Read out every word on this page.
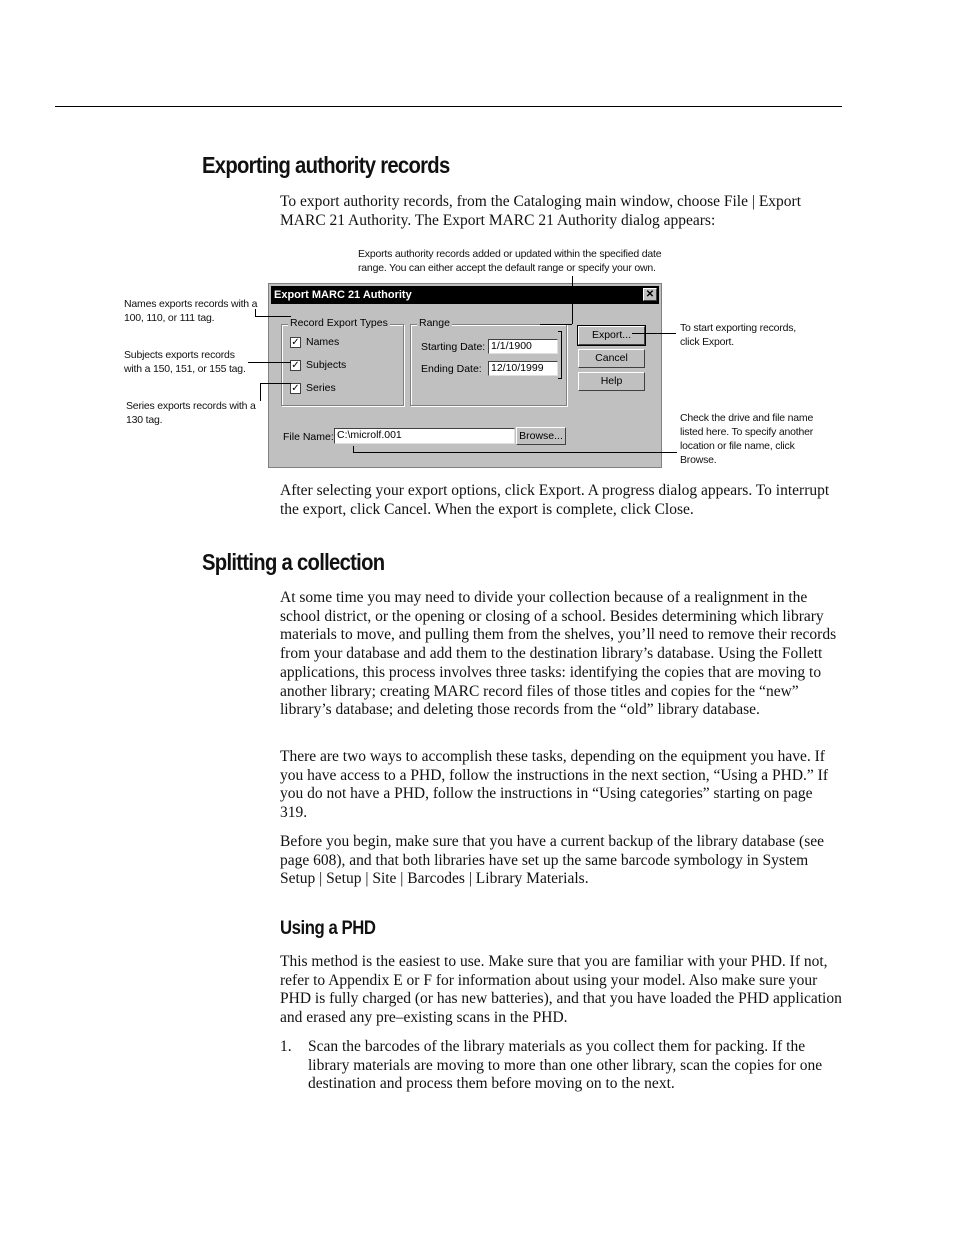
Exporting authority records

To export authority records, from the Cataloging main window, choose File | Export MARC 21 Authority. The Export MARC 21 Authority dialog appears:

Exports authority records added or updated within the specified date range. You can either accept the default range or specify your own.
Names exports records with a 100, 110, or 111 tag.
Subjects exports records with a 150, 151, or 155 tag.
Series exports records with a 130 tag.
To start exporting records, click Export.
Check the drive and file name listed here. To specify another location or file name, click Browse.
Export MARC 21 Authority	✕
Record Export Types
✓ Names
✓ Subjects
✓ Series
Range
Starting Date: 1/1/1900
Ending Date: 12/10/1999
Export...
Cancel
Help
File Name: C:\microlf.001	Browse...

After selecting your export options, click Export. A progress dialog appears. To interrupt the export, click Cancel. When the export is complete, click Close.

Splitting a collection

At some time you may need to divide your collection because of a realignment in the school district, or the opening or closing of a school. Besides determining which library materials to move, and pulling them from the shelves, you’ll need to remove their records from your database and add them to the destination library’s database. Using the Follett applications, this process involves three tasks: identifying the copies that are moving to another library; creating MARC record files of those titles and copies for the “new” library’s database; and deleting those records from the “old” library database.

There are two ways to accomplish these tasks, depending on the equipment you have. If you have access to a PHD, follow the instructions in the next section, “Using a PHD.” If you do not have a PHD, follow the instructions in “Using categories” starting on page 319.

Before you begin, make sure that you have a current backup of the library database (see page 608), and that both libraries have set up the same barcode symbology in System Setup | Setup | Site | Barcodes | Library Materials.

Using a PHD

This method is the easiest to use. Make sure that you are familiar with your PHD. If not, refer to Appendix E or F for information about using your model. Also make sure your PHD is fully charged (or has new batteries), and that you have loaded the PHD application and erased any pre–existing scans in the PHD.

1.	Scan the barcodes of the library materials as you collect them for packing. If the library materials are moving to more than one other library, scan the copies for one destination and process them before moving on to the next.
